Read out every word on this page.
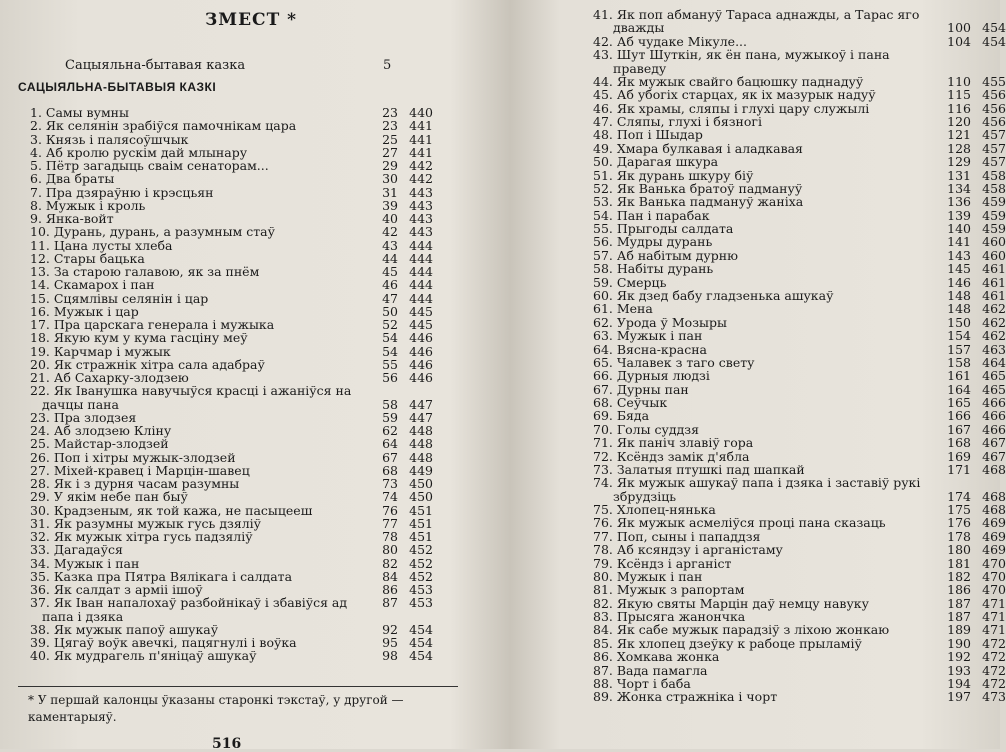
ЗМЕСТ *
Сацыяльна-бытавая казка	5
САЦЫЯЛЬНА-БЫТАВЫЯ КАЗКІ
1. Самы вумны	23 440
2. Як селянін зрабіўся памочнікам цара	23 441
3. Князь і палясоўшчык	25 441
4. Аб кролю рускім дай млынару	27 441
5. Пётр загадыць сваім сенаторам...	29 442
6. Два браты	30 442
7. Пра дзяраўню і крэсцьян	31 443
8. Мужык і кроль	39 443
9. Янка-войт	40 443
10. Дурань, дурань, а разумным стаў	42 443
11. Цана лусты хлеба	43 444
12. Стары бацька	44 444
13. За старою галавою, як за пнём	45 444
14. Скамарох і пан	46 444
15. Сцямлівы селянін і цар	47 444
16. Мужык і цар	50 445
17. Пра царскага генерала і мужыка	52 445
18. Якую кум у кума гасціну меў	54 446
19. Карчмар і мужык	54 446
20. Як стражнік хітра сала адабраў	55 446
21. Аб Сахарку-злодзею	56 446
22. Як Іванушка навучыўся красці і ажаніўся на
дачцы пана	58 447
23. Пра злодзея	59 447
24. Аб злодзею Кліну	62 448
25. Майстар-злодзей	64 448
26. Поп і хітры мужык-злодзей	67 448
27. Міхей-кравец і Марцін-шавец	68 449
28. Як і з дурня часам разумны	73 450
29. У якім небе пан быў	74 450
30. Крадзеным, як той кажа, не пасыцееш	76 451
31. Як разумны мужык гусь дзяліў	77 451
32. Як мужык хітра гусь падзяліў	78 451
33. Дагадаўся	80 452
34. Мужык і пан	82 452
35. Казка пра Пятра Вялікага і салдата	84 452
36. Як салдат з арміі ішоў	86 453
37. Як Іван напалохаў разбойнікаў і збавіўся ад	87 453
папа і дзяка
38. Як мужык папоў ашукаў	92 454
39. Цягаў воўк авечкі, пацягнулі і воўка	95 454
40. Як мудрагель п'яніцаў ашукаў	98 454
* У першай калонцы ўказаны старонкі тэкстаў, у другой — каментарыяў.
516
41. Як поп абмануў Тараса аднажды, а Тарас яго
дважды	100 454
42. Аб чудаке Мікуле...	104 454
43. Шут Шуткін, як ён пана, мужыкоў і пана
праведу
44. Як мужык свайго бацюшку паднадуў	110 455
45. Аб убогіх старцах, як іх мазурык надуў	115 456
46. Як храмы, сляпы і глухі цару служылі	116 456
47. Сляпы, глухі і бязногі	120 456
48. Поп і Шыдар	121 457
49. Хмара булкавая і аладкавая	128 457
50. Дарагая шкура	129 457
51. Як дурань шкуру біў	131 458
52. Як Ванька братоў падмануў	134 458
53. Як Ванька падмануў жаніха	136 459
54. Пан і парабак	139 459
55. Прыгоды салдата	140 459
56. Мудры дурань	141 460
57. Аб набітым дурню	143 460
58. Набіты дурань	145 461
59. Смерць	146 461
60. Як дзед бабу гладзенька ашукаў	148 461
61. Мена	148 462
62. Урода ў Мозыры	150 462
63. Мужык і пан	154 462
64. Вясна-красна	157 463
65. Чалавек з таго свету	158 464
66. Дурныя людзі	161 465
67. Дурны пан	164 465
68. Сеўчык	165 466
69. Бяда	166 466
70. Голы суддзя	167 466
71. Як паніч злавіў гора	168 467
72. Ксёндз замік д'ябла	169 467
73. Залатыя птушкі пад шапкай	171 468
74. Як мужык ашукаў папа і дзяка і заставіў рукі
збрудзіць	174 468
75. Хлопец-нянька	175 468
76. Як мужык асмеліўся проці пана сказаць	176 469
77. Поп, сыны і пападдзя	178 469
78. Аб ксяндзу і арганістаму	180 469
79. Ксёндз і арганіст	181 470
80. Мужык і пан	182 470
81. Мужык з рапортам	186 470
82. Якую святы Марцін даў немцу навуку	187 471
83. Прысяга жанончка	187 471
84. Як сабе мужык парадзіў з ліхою жонкаю	189 471
85. Як хлопец дзеўку к рабоце прыламіў	190 472
86. Хомкава жонка	192 472
87. Вада памагла	193 472
88. Чорт і баба	194 472
89. Жонка стражніка і чорт	197 473
